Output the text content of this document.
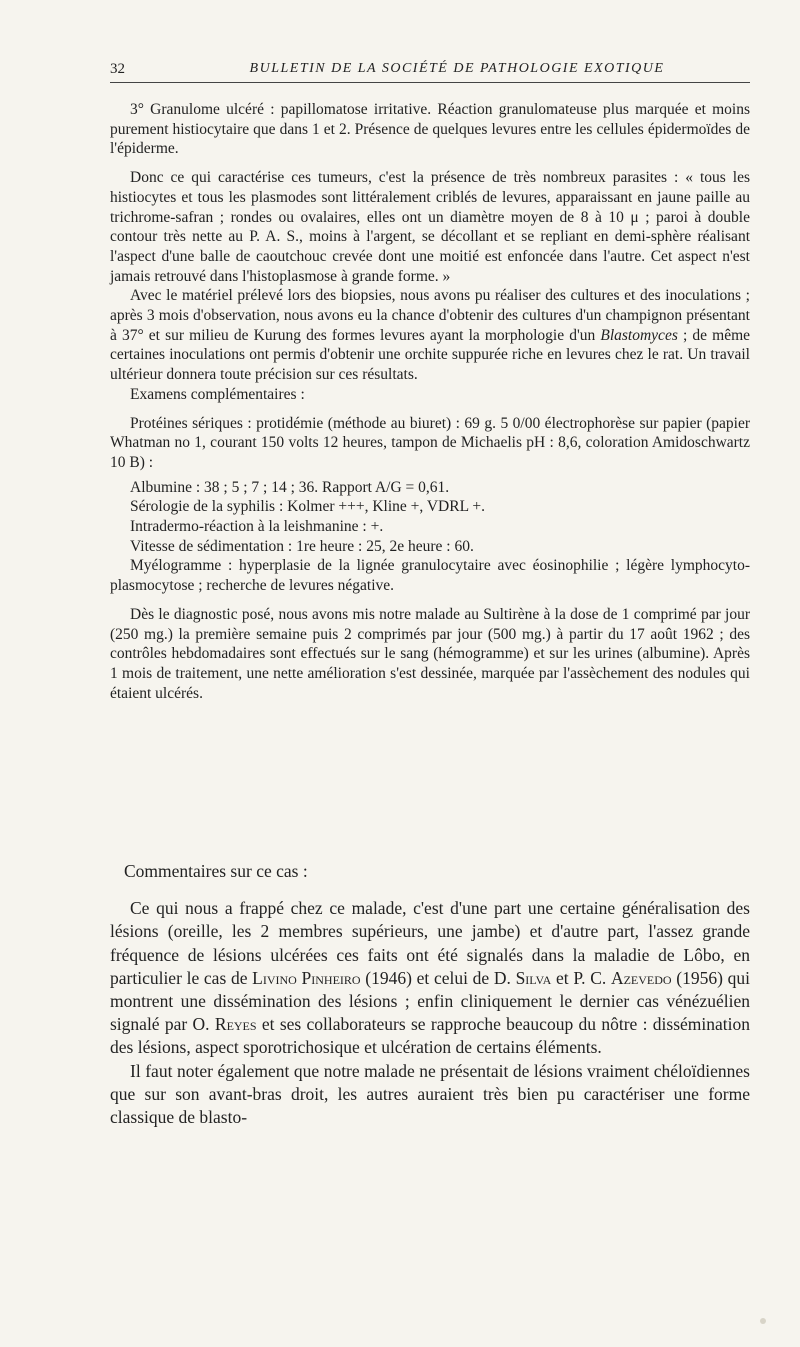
32	BULLETIN DE LA SOCIÉTÉ DE PATHOLOGIE EXOTIQUE

3° Granulome ulcéré : papillomatose irritative. Réaction granulomateuse plus marquée et moins purement histiocytaire que dans 1 et 2. Présence de quelques levures entre les cellules épidermoïdes de l'épiderme.

Donc ce qui caractérise ces tumeurs, c'est la présence de très nombreux parasites : « tous les histiocytes et tous les plasmodes sont littéralement criblés de levures, apparaissant en jaune paille au trichrome-safran ; rondes ou ovalaires, elles ont un diamètre moyen de 8 à 10 μ ; paroi à double contour très nette au P. A. S., moins à l'argent, se décollant et se repliant en demi-sphère réalisant l'aspect d'une balle de caoutchouc crevée dont une moitié est enfoncée dans l'autre. Cet aspect n'est jamais retrouvé dans l'histoplasmose à grande forme. »

Avec le matériel prélevé lors des biopsies, nous avons pu réaliser des cultures et des inoculations ; après 3 mois d'observation, nous avons eu la chance d'obtenir des cultures d'un champignon présentant à 37° et sur milieu de Kurung des formes levures ayant la morphologie d'un Blastomyces ; de même certaines inoculations ont permis d'obtenir une orchite suppurée riche en levures chez le rat. Un travail ultérieur donnera toute précision sur ces résultats.

Examens complémentaires :

Protéines sériques : protidémie (méthode au biuret) : 69 g. 5 0/00 électrophorèse sur papier (papier Whatman no 1, courant 150 volts 12 heures, tampon de Michaelis pH : 8,6, coloration Amidoschwartz 10 B) :

Albumine : 38 ; 5 ; 7 ; 14 ; 36. Rapport A/G = 0,61.

Sérologie de la syphilis : Kolmer +++, Kline +, VDRL +.

Intradermo-réaction à la leishmanine : +.

Vitesse de sédimentation : 1re heure : 25, 2e heure : 60.

Myélogramme : hyperplasie de la lignée granulocytaire avec éosinophilie ; légère lymphocyto-plasmocytose ; recherche de levures négative.

Dès le diagnostic posé, nous avons mis notre malade au Sultirène à la dose de 1 comprimé par jour (250 mg.) la première semaine puis 2 comprimés par jour (500 mg.) à partir du 17 août 1962 ; des contrôles hebdomadaires sont effectués sur le sang (hémogramme) et sur les urines (albumine). Après 1 mois de traitement, une nette amélioration s'est dessinée, marquée par l'assèchement des nodules qui étaient ulcérés.

Commentaires sur ce cas :

Ce qui nous a frappé chez ce malade, c'est d'une part une certaine généralisation des lésions (oreille, les 2 membres supérieurs, une jambe) et d'autre part, l'assez grande fréquence de lésions ulcérées ces faits ont été signalés dans la maladie de Lôbo, en particulier le cas de Livino Pinheiro (1946) et celui de D. Silva et P. C. Azevedo (1956) qui montrent une dissémination des lésions ; enfin cliniquement le dernier cas vénézuélien signalé par O. Reyes et ses collaborateurs se rapproche beaucoup du nôtre : dissémination des lésions, aspect sporotrichosique et ulcération de certains éléments.

Il faut noter également que notre malade ne présentait de lésions vraiment chéloïdiennes que sur son avant-bras droit, les autres auraient très bien pu caractériser une forme classique de blasto-
